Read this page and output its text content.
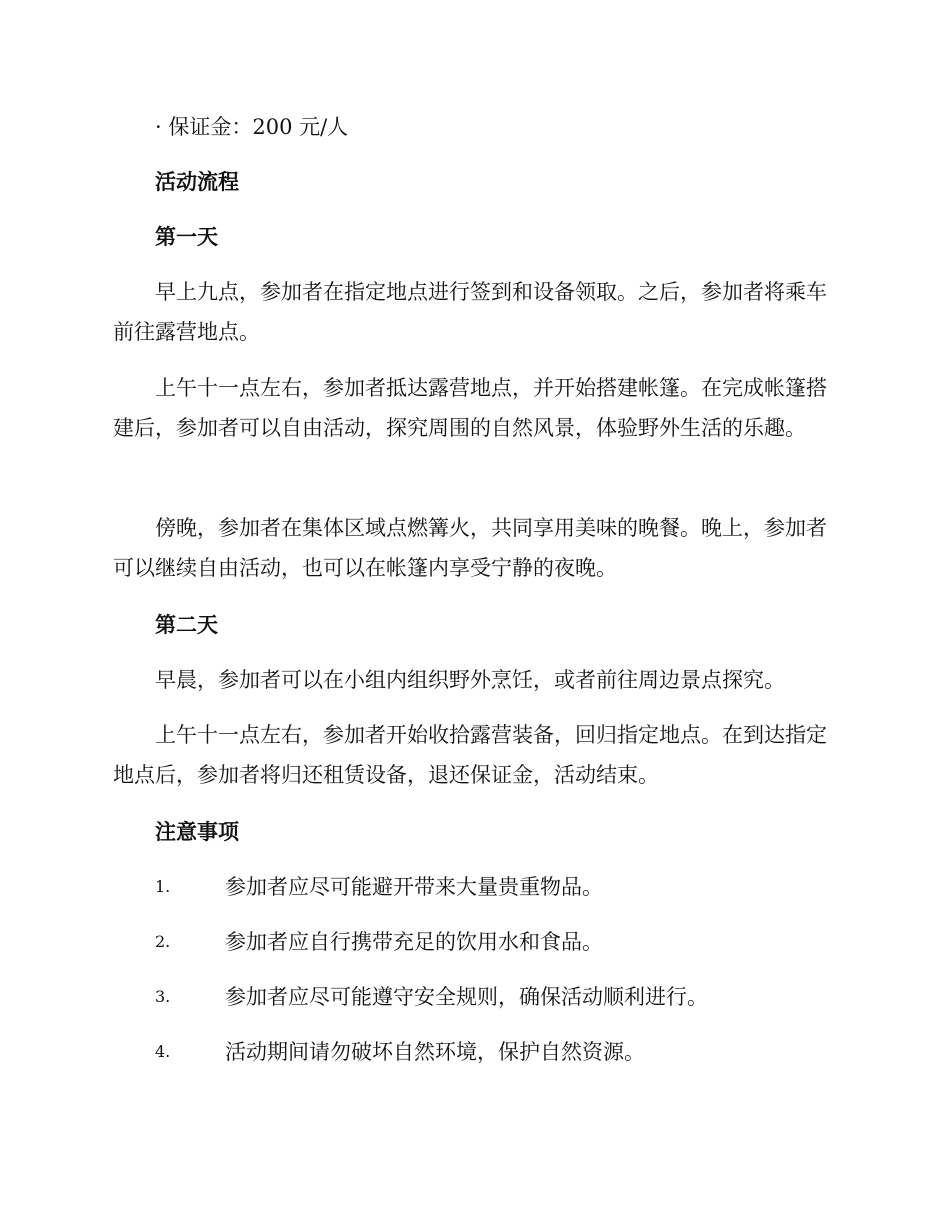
· 保证金：200 元/人
活动流程
第一天
早上九点，参加者在指定地点进行签到和设备领取。之后，参加者将乘车前往露营地点。
上午十一点左右，参加者抵达露营地点，并开始搭建帐篷。在完成帐篷搭建后，参加者可以自由活动，探究周围的自然风景，体验野外生活的乐趣。
傍晚，参加者在集体区域点燃篝火，共同享用美味的晚餐。晚上，参加者可以继续自由活动，也可以在帐篷内享受宁静的夜晚。
第二天
早晨，参加者可以在小组内组织野外烹饪，或者前往周边景点探究。
上午十一点左右，参加者开始收拾露营装备，回归指定地点。在到达指定地点后，参加者将归还租赁设备，退还保证金，活动结束。
注意事项
1.	参加者应尽可能避开带来大量贵重物品。
2.	参加者应自行携带充足的饮用水和食品。
3.	参加者应尽可能遵守安全规则，确保活动顺利进行。
4.	活动期间请勿破坏自然环境，保护自然资源。
